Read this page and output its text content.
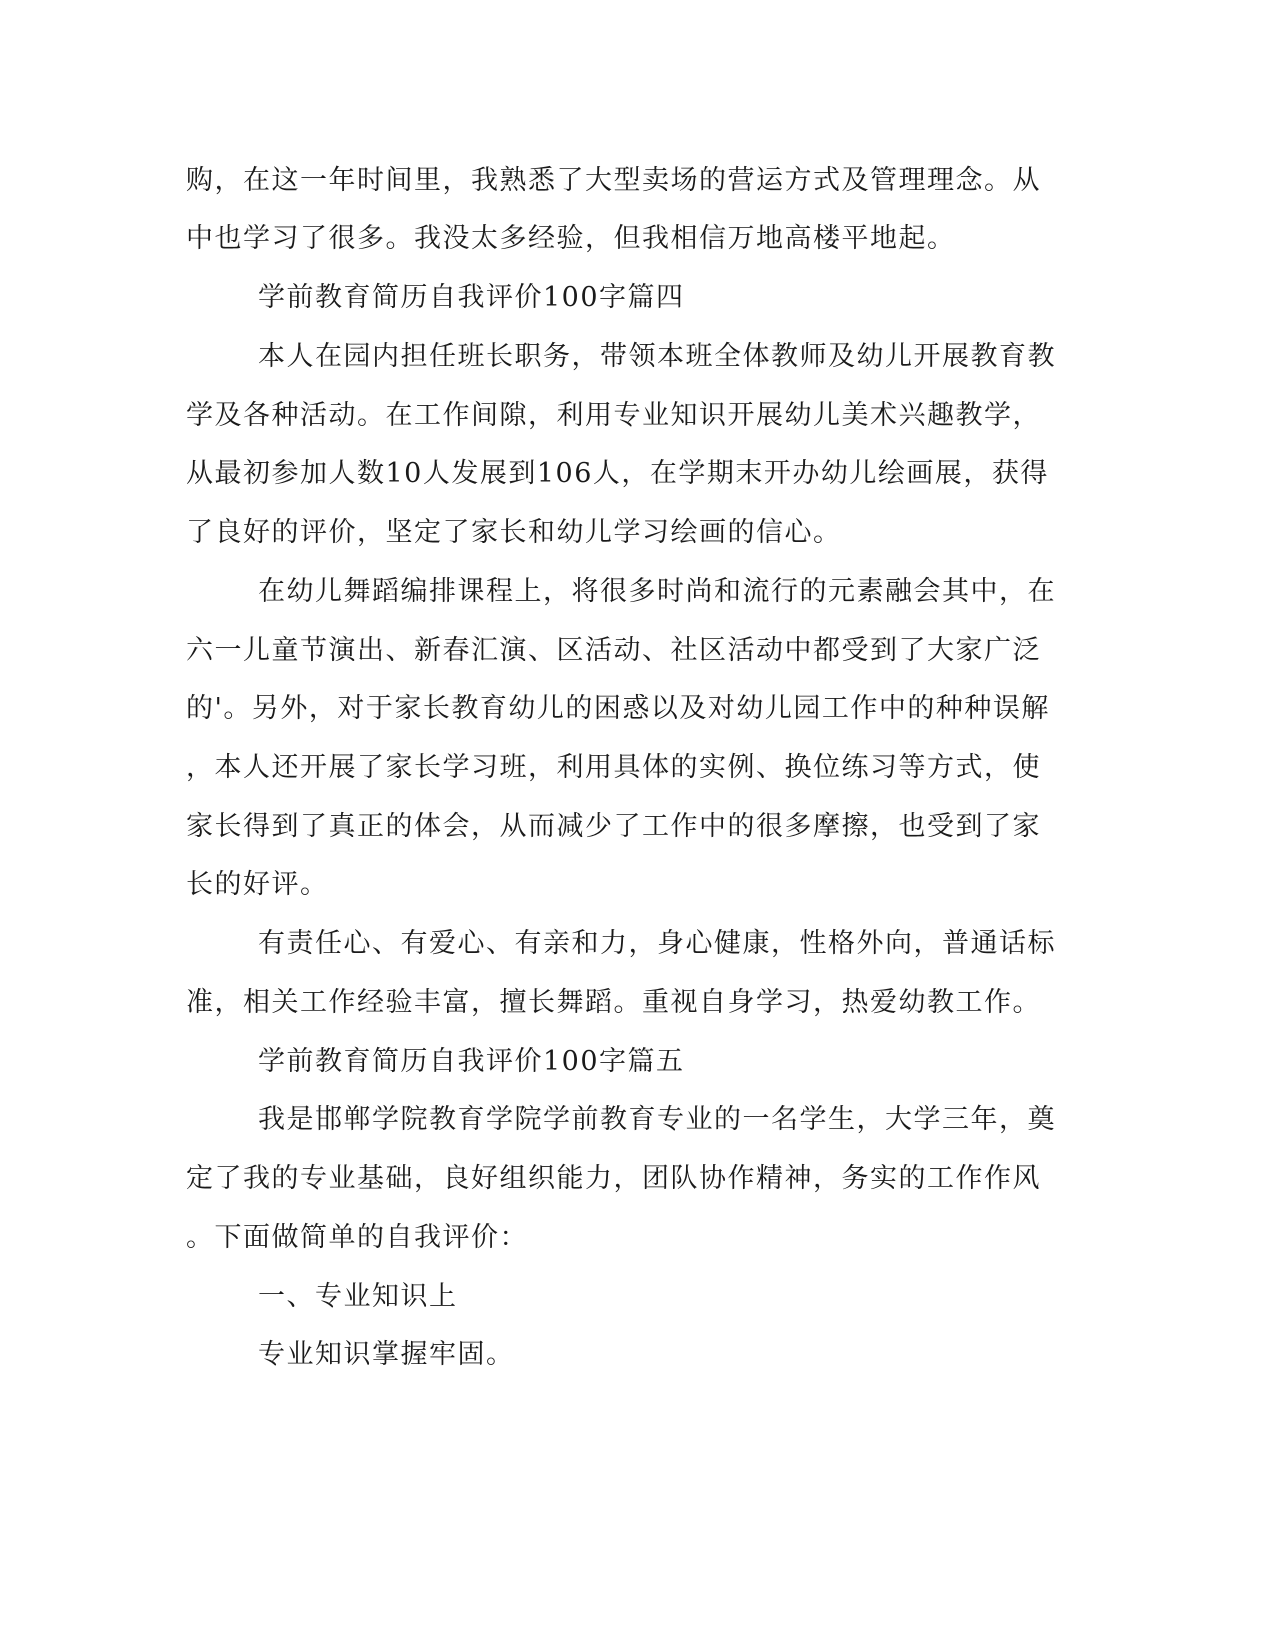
购，在这一年时间里，我熟悉了大型卖场的营运方式及管理理念。从
中也学习了很多。我没太多经验，但我相信万地高楼平地起。
学前教育简历自我评价100字篇四
本人在园内担任班长职务，带领本班全体教师及幼儿开展教育教
学及各种活动。在工作间隙，利用专业知识开展幼儿美术兴趣教学，
从最初参加人数10人发展到106人，在学期末开办幼儿绘画展，获得
了良好的评价，坚定了家长和幼儿学习绘画的信心。
在幼儿舞蹈编排课程上，将很多时尚和流行的元素融会其中，在
六一儿童节演出、新春汇演、区活动、社区活动中都受到了大家广泛
的'。另外，对于家长教育幼儿的困惑以及对幼儿园工作中的种种误解
，本人还开展了家长学习班，利用具体的实例、换位练习等方式，使
家长得到了真正的体会，从而减少了工作中的很多摩擦，也受到了家
长的好评。
有责任心、有爱心、有亲和力，身心健康，性格外向，普通话标
准，相关工作经验丰富，擅长舞蹈。重视自身学习，热爱幼教工作。
学前教育简历自我评价100字篇五
我是邯郸学院教育学院学前教育专业的一名学生，大学三年，奠
定了我的专业基础，良好组织能力，团队协作精神，务实的工作作风
。下面做简单的自我评价：
一、专业知识上
专业知识掌握牢固。
